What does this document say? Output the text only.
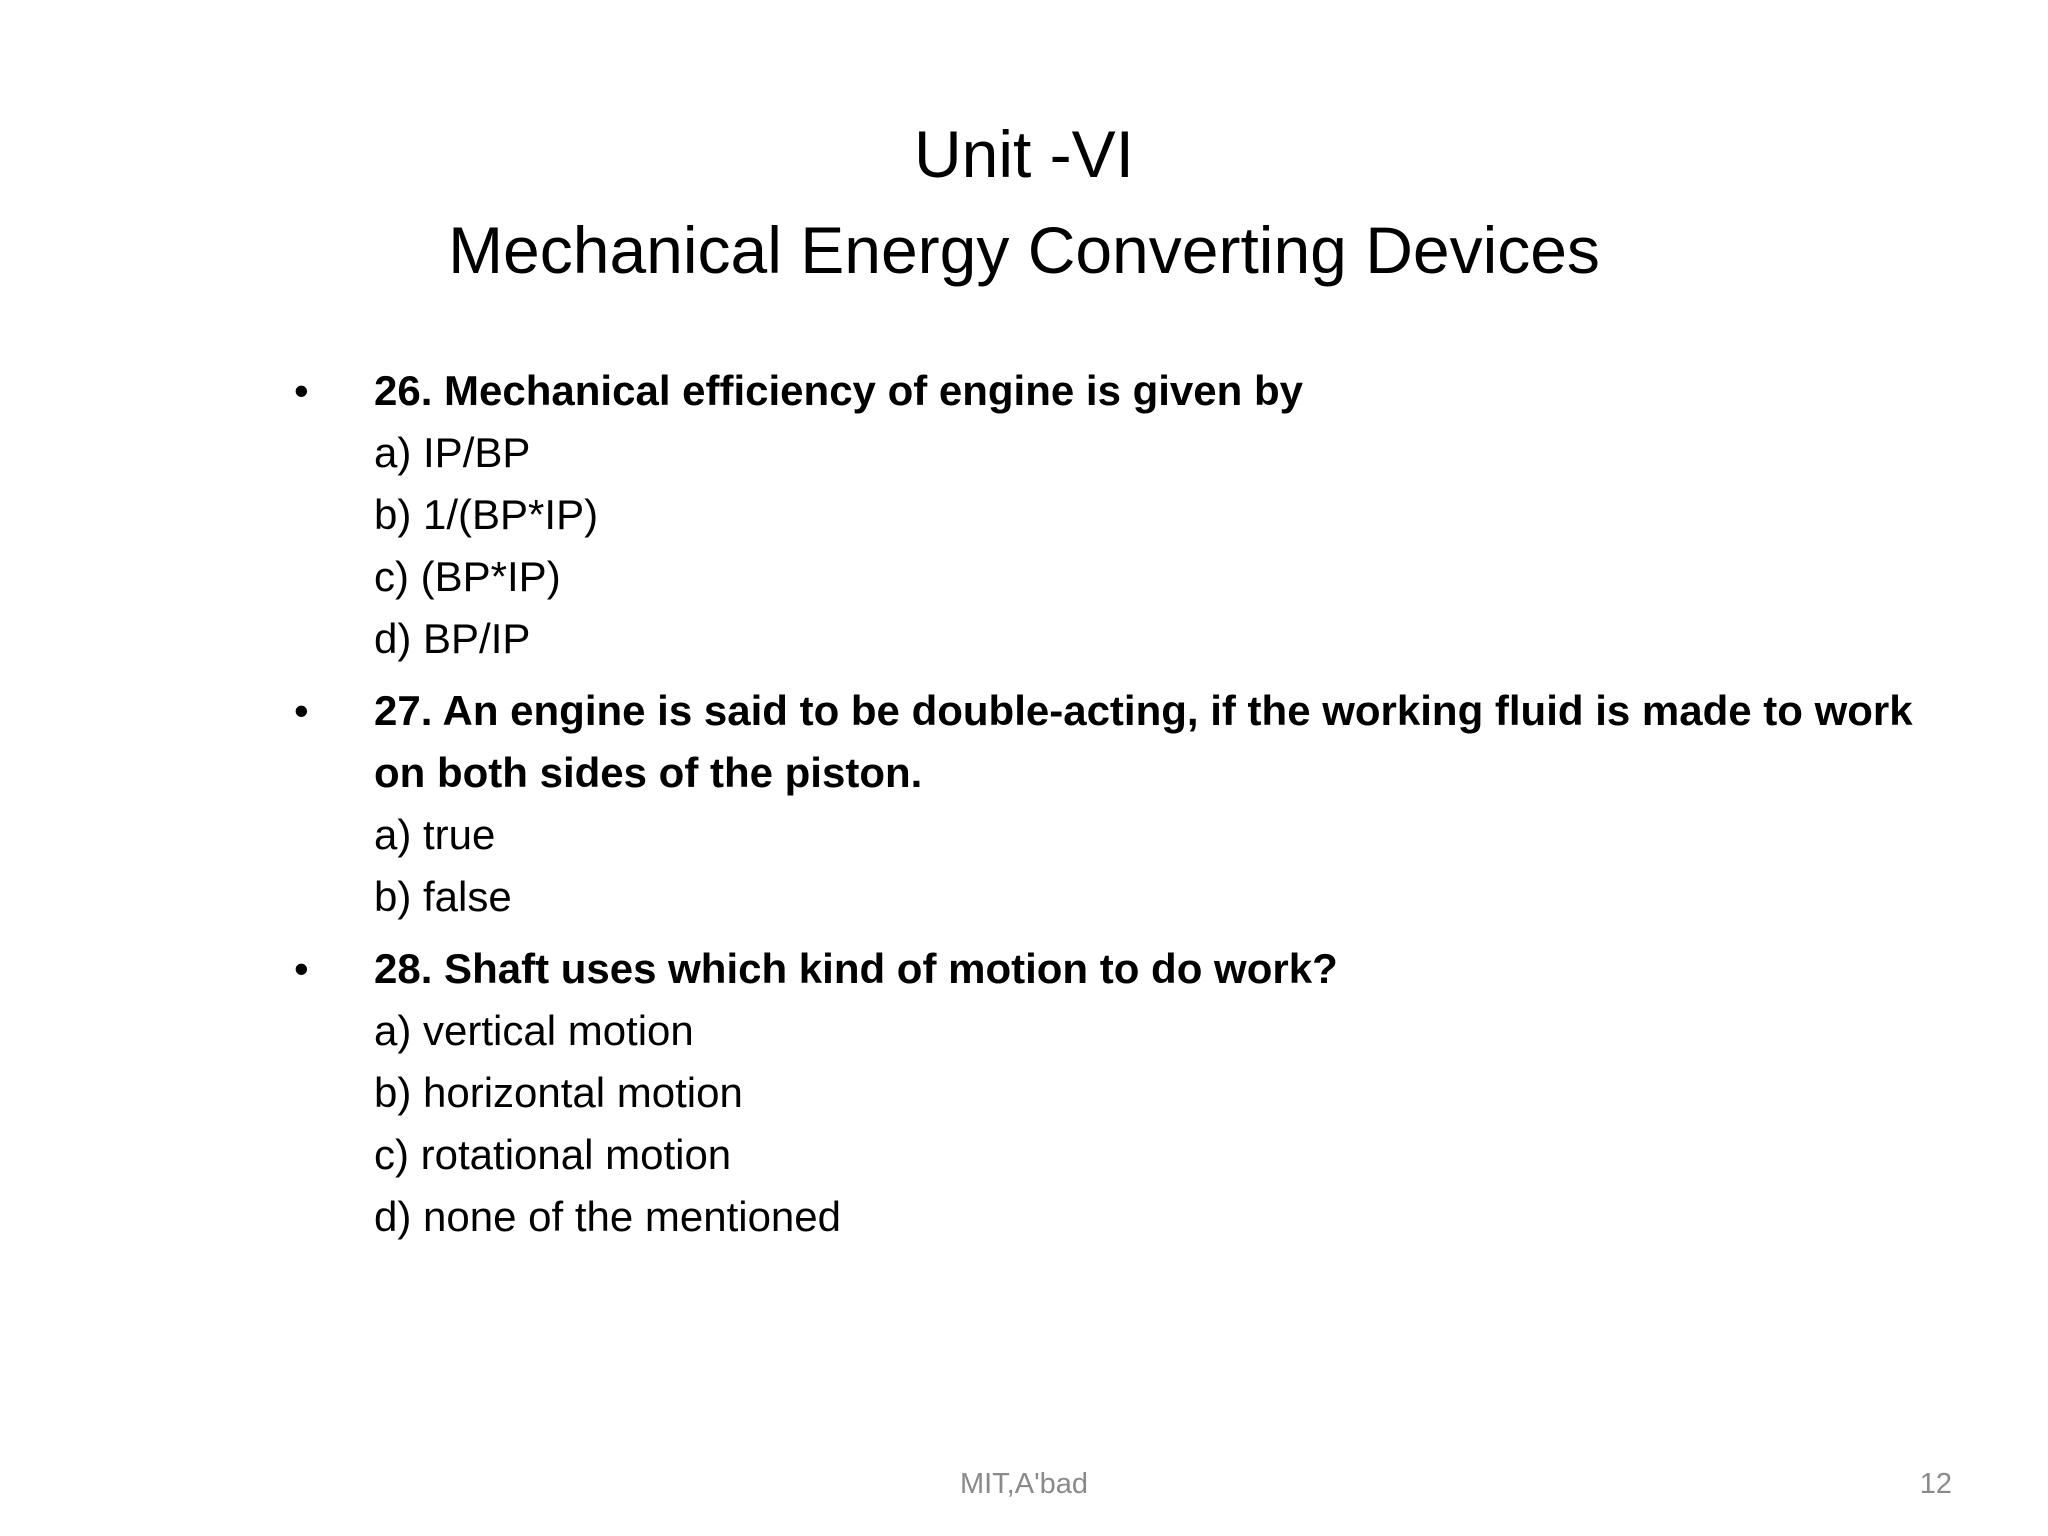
Unit -VI
Mechanical Energy Converting Devices
• 26. Mechanical efficiency of engine is given by
a) IP/BP
b) 1/(BP*IP)
c) (BP*IP)
d) BP/IP
• 27. An engine is said to be double-acting, if the working fluid is made to work on both sides of the piston.
a) true
b) false
• 28. Shaft uses which kind of motion to do work?
a) vertical motion
b) horizontal motion
c) rotational motion
d) none of the mentioned
MIT,A'bad	12
